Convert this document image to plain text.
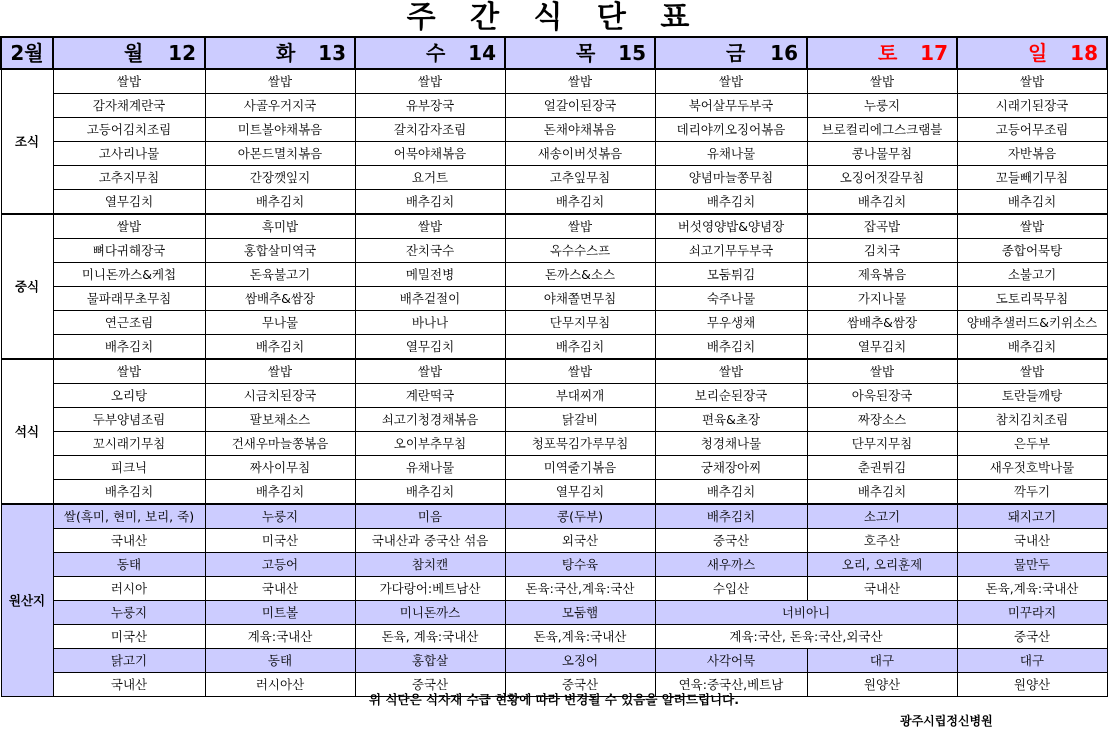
주 간 식 단 표
2월	월 12	화 13	수 14	목 15	금 16	토 17	일 18

조식	쌀밥	쌀밥	쌀밥	쌀밥	쌀밥	쌀밥	쌀밥
	감자채계란국	사골우거지국	유부장국	얼갈이된장국	북어살무두부국	누룽지	시래기된장국
	고등어김치조림	미트볼야채볶음	갈치감자조림	돈채야채볶음	데리야끼오징어볶음	브로컬리에그스크램블	고등어무조림
	고사리나물	아몬드멸치볶음	어묵야채볶음	새송이버섯볶음	유채나물	콩나물무침	자반볶음
	고추지무침	간장깻잎지	요거트	고추잎무침	양념마늘쫑무침	오징어젓갈무침	꼬들빼기무침
	열무김치	배추김치	배추김치	배추김치	배추김치	배추김치	배추김치
중식	쌀밥	흑미밥	쌀밥	쌀밥	버섯영양밥&양념장	잡곡밥	쌀밥
	뼈다귀해장국	홍합살미역국	잔치국수	옥수수스프	쇠고기무두부국	김치국	종합어묵탕
	미니돈까스&케첩	돈육불고기	메밀전병	돈까스&소스	모둠튀김	제육볶음	소불고기
	물파래무초무침	쌈배추&쌈장	배추겉절이	야채쫄면무침	숙주나물	가지나물	도토리묵무침
	연근조림	무나물	바나나	단무지무침	무우생채	쌈배추&쌈장	양배추샐러드&키위소스
	배추김치	배추김치	열무김치	배추김치	배추김치	열무김치	배추김치
석식	쌀밥	쌀밥	쌀밥	쌀밥	쌀밥	쌀밥	쌀밥
	오리탕	시금치된장국	계란떡국	부대찌개	보리순된장국	아욱된장국	토란들깨탕
	두부양념조림	팔보채소스	쇠고기청경채볶음	닭갈비	편육&초장	짜장소스	참치김치조림
	꼬시래기무침	건새우마늘쫑볶음	오이부추무침	청포묵김가루무침	청경채나물	단무지무침	은두부
	피크닉	짜사이무침	유채나물	미역줄기볶음	궁채장아찌	춘권튀김	새우젓호박나물
	배추김치	배추김치	배추김치	열무김치	배추김치	배추김치	깍두기
원산지	쌀(흑미, 현미, 보리, 죽)	누룽지	미음	콩(두부)	배추김치	소고기	돼지고기
	국내산	미국산	국내산과 중국산 섞음	외국산	중국산	호주산	국내산
	동태	고등어	참치캔	탕수육	새우까스	오리, 오리훈제	물만두
	러시아	국내산	가다랑어:베트남산	돈육:국산,계육:국산	수입산	국내산	돈육,계육:국내산
	누룽지	미트볼	미니돈까스	모둠햄	너비아니		미꾸라지
	미국산	계육:국내산	돈육, 계육:국내산	돈육,계육:국내산	계육:국산, 돈육:국산,외국산		중국산
	닭고기	동태	홍합살	오징어	사각어묵	대구	대구
	국내산	러시아산	중국산	중국산	연육:중국산,베트남	원양산	원양산
위 식단은 식자재 수급 현황에 따라 변경될 수 있음을 알려드립니다.
광주시립정신병원
